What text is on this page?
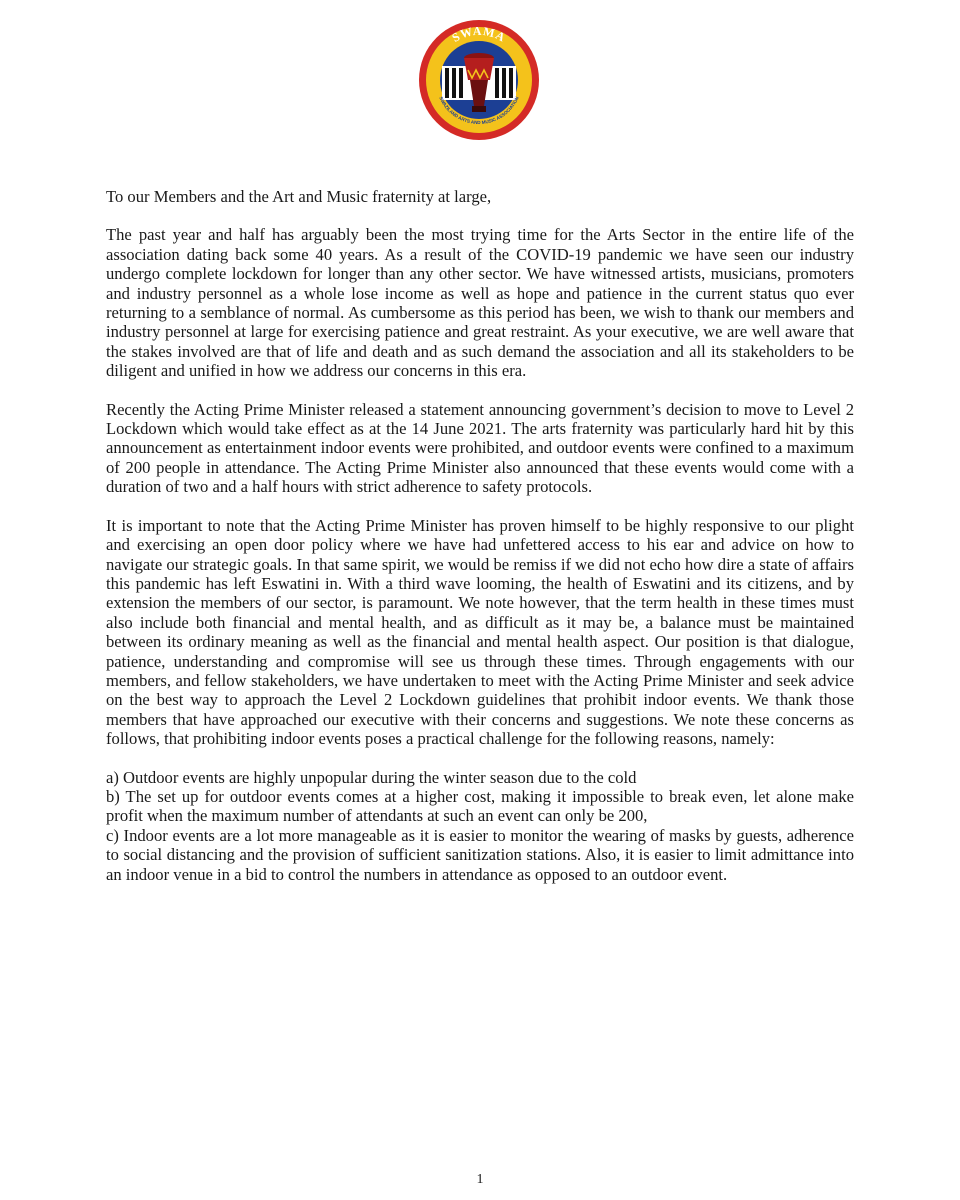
SWAMA
SWAZILAND ARTS AND MUSIC ASSOCIATION

To our Members and the Art and Music fraternity at large,

The past year and half has arguably been the most trying time for the Arts Sector in the entire life of the association dating back some 40 years. As a result of the COVID-19 pandemic we have seen our industry undergo complete lockdown for longer than any other sector. We have witnessed artists, musicians, promoters and industry personnel as a whole lose income as well as hope and patience in the current status quo ever returning to a semblance of normal. As cumbersome as this period has been, we wish to thank our members and industry personnel at large for exercising patience and great restraint. As your executive, we are well aware that the stakes involved are that of life and death and as such demand the association and all its stakeholders to be diligent and unified in how we address our concerns in this era.

Recently the Acting Prime Minister released a statement announcing government’s decision to move to Level 2 Lockdown which would take effect as at the 14 June 2021. The arts fraternity was particularly hard hit by this announcement as entertainment indoor events were prohibited, and outdoor events were confined to a maximum of 200 people in attendance. The Acting Prime Minister also announced that these events would come with a duration of two and a half hours with strict adherence to safety protocols.

It is important to note that the Acting Prime Minister has proven himself to be highly responsive to our plight and exercising an open door policy where we have had unfettered access to his ear and advice on how to navigate our strategic goals. In that same spirit, we would be remiss if we did not echo how dire a state of affairs this pandemic has left Eswatini in. With a third wave looming, the health of Eswatini and its citizens, and by extension the members of our sector, is paramount. We note however, that the term health in these times must also include both financial and mental health, and as difficult as it may be, a balance must be maintained between its ordinary meaning as well as the financial and mental health aspect. Our position is that dialogue, patience, understanding and compromise will see us through these times. Through engagements with our members, and fellow stakeholders, we have undertaken to meet with the Acting Prime Minister and seek advice on the best way to approach the Level 2 Lockdown guidelines that prohibit indoor events. We thank those members that have approached our executive with their concerns and suggestions. We note these concerns as follows, that prohibiting indoor events poses a practical challenge for the following reasons, namely:

a) Outdoor events are highly unpopular during the winter season due to the cold

b) The set up for outdoor events comes at a higher cost, making it impossible to break even, let alone make profit when the maximum number of attendants at such an event can only be 200,

c) Indoor events are a lot more manageable as it is easier to monitor the wearing of masks by guests, adherence to social distancing and the provision of sufficient sanitization stations. Also, it is easier to limit admittance into an indoor venue in a bid to control the numbers in attendance as opposed to an outdoor event.

1
